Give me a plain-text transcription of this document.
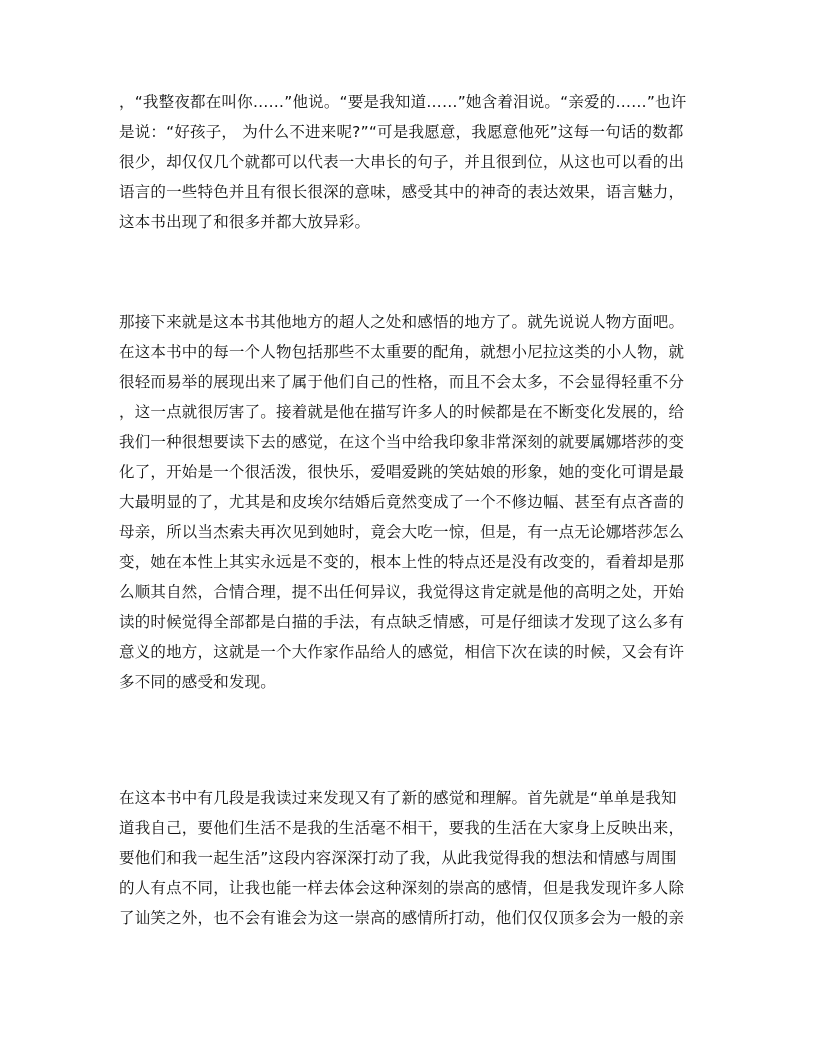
，“我整夜都在叫你……”他说。“要是我知道……”她含着泪说。“亲爱的……”也许
是说：“好孩子， 为什么不进来呢?”“可是我愿意，我愿意他死”这每一句话的数都
很少，却仅仅几个就都可以代表一大串长的句子，并且很到位，从这也可以看的出
语言的一些特色并且有很长很深的意味，感受其中的神奇的表达效果，语言魅力，
这本书出现了和很多并都大放异彩。
那接下来就是这本书其他地方的超人之处和感悟的地方了。就先说说人物方面吧。
在这本书中的每一个人物包括那些不太重要的配角，就想小尼拉这类的小人物，就
很轻而易举的展现出来了属于他们自己的性格，而且不会太多，不会显得轻重不分
，这一点就很厉害了。接着就是他在描写许多人的时候都是在不断变化发展的，给
我们一种很想要读下去的感觉，在这个当中给我印象非常深刻的就要属娜塔莎的变
化了，开始是一个很活泼，很快乐，爱唱爱跳的笑姑娘的形象，她的变化可谓是最
大最明显的了，尤其是和皮埃尔结婚后竟然变成了一个不修边幅、甚至有点吝啬的
母亲，所以当杰索夫再次见到她时，竟会大吃一惊，但是，有一点无论娜塔莎怎么
变，她在本性上其实永远是不变的，根本上性的特点还是没有改变的，看着却是那
么顺其自然，合情合理，提不出任何异议，我觉得这肯定就是他的高明之处，开始
读的时候觉得全部都是白描的手法，有点缺乏情感，可是仔细读才发现了这么多有
意义的地方，这就是一个大作家作品给人的感觉，相信下次在读的时候，又会有许
多不同的感受和发现。
在这本书中有几段是我读过来发现又有了新的感觉和理解。首先就是“单单是我知
道我自己，要他们生活不是我的生活毫不相干，要我的生活在大家身上反映出来，
要他们和我一起生活”这段内容深深打动了我，从此我觉得我的想法和情感与周围
的人有点不同，让我也能一样去体会这种深刻的崇高的感情，但是我发现许多人除
了讪笑之外，也不会有谁会为这一崇高的感情所打动，他们仅仅顶多会为一般的亲
